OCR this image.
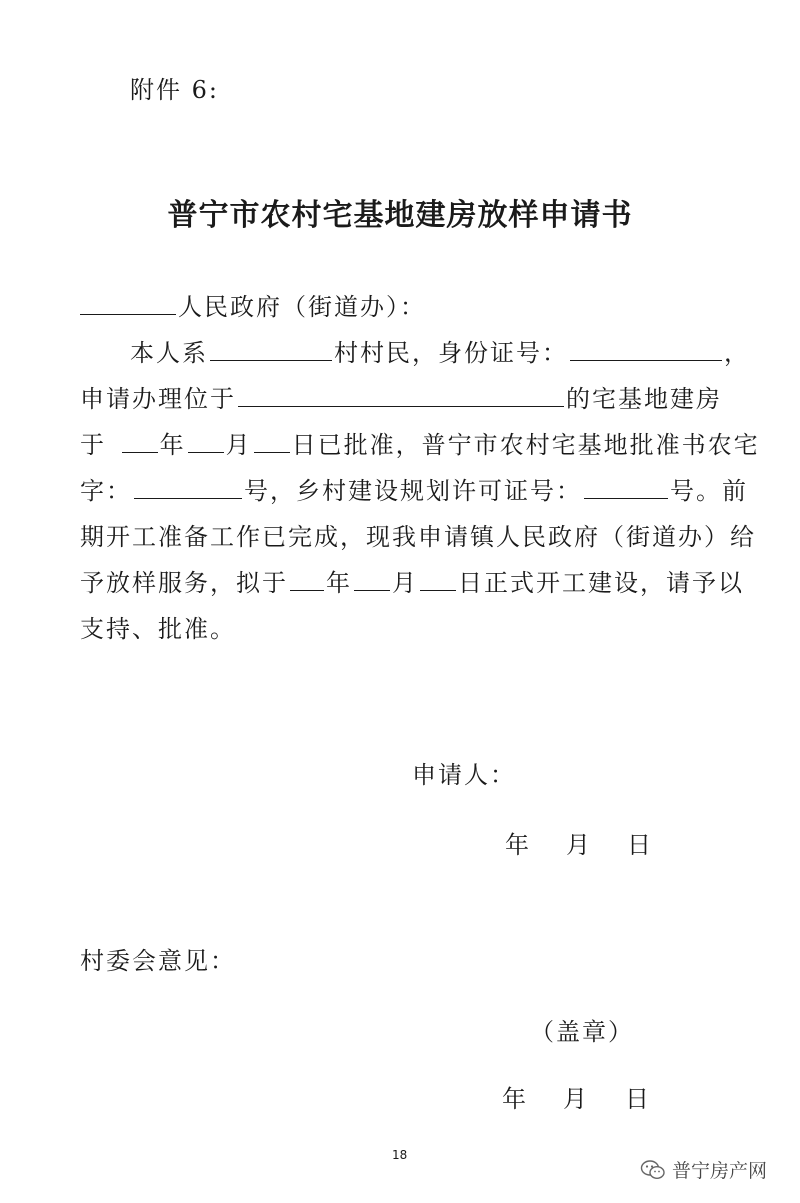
附件 6:
普宁市农村宅基地建房放样申请书
人民政府（街道办）：
本人系	村村民，身份证号：	，
申请办理位于	的宅基地建房
于 年 月 日已批准，普宁市农村宅基地批准书农宅
字：	号，乡村建设规划许可证号：	号。前
期开工准备工作已完成，现我申请镇人民政府（街道办）给
予放样服务，拟于 年 月 日正式开工建设，请予以
支持、批准。
申请人：
年 月 日
村委会意见：
（盖章）
年 月 日
18
普宁房产网
